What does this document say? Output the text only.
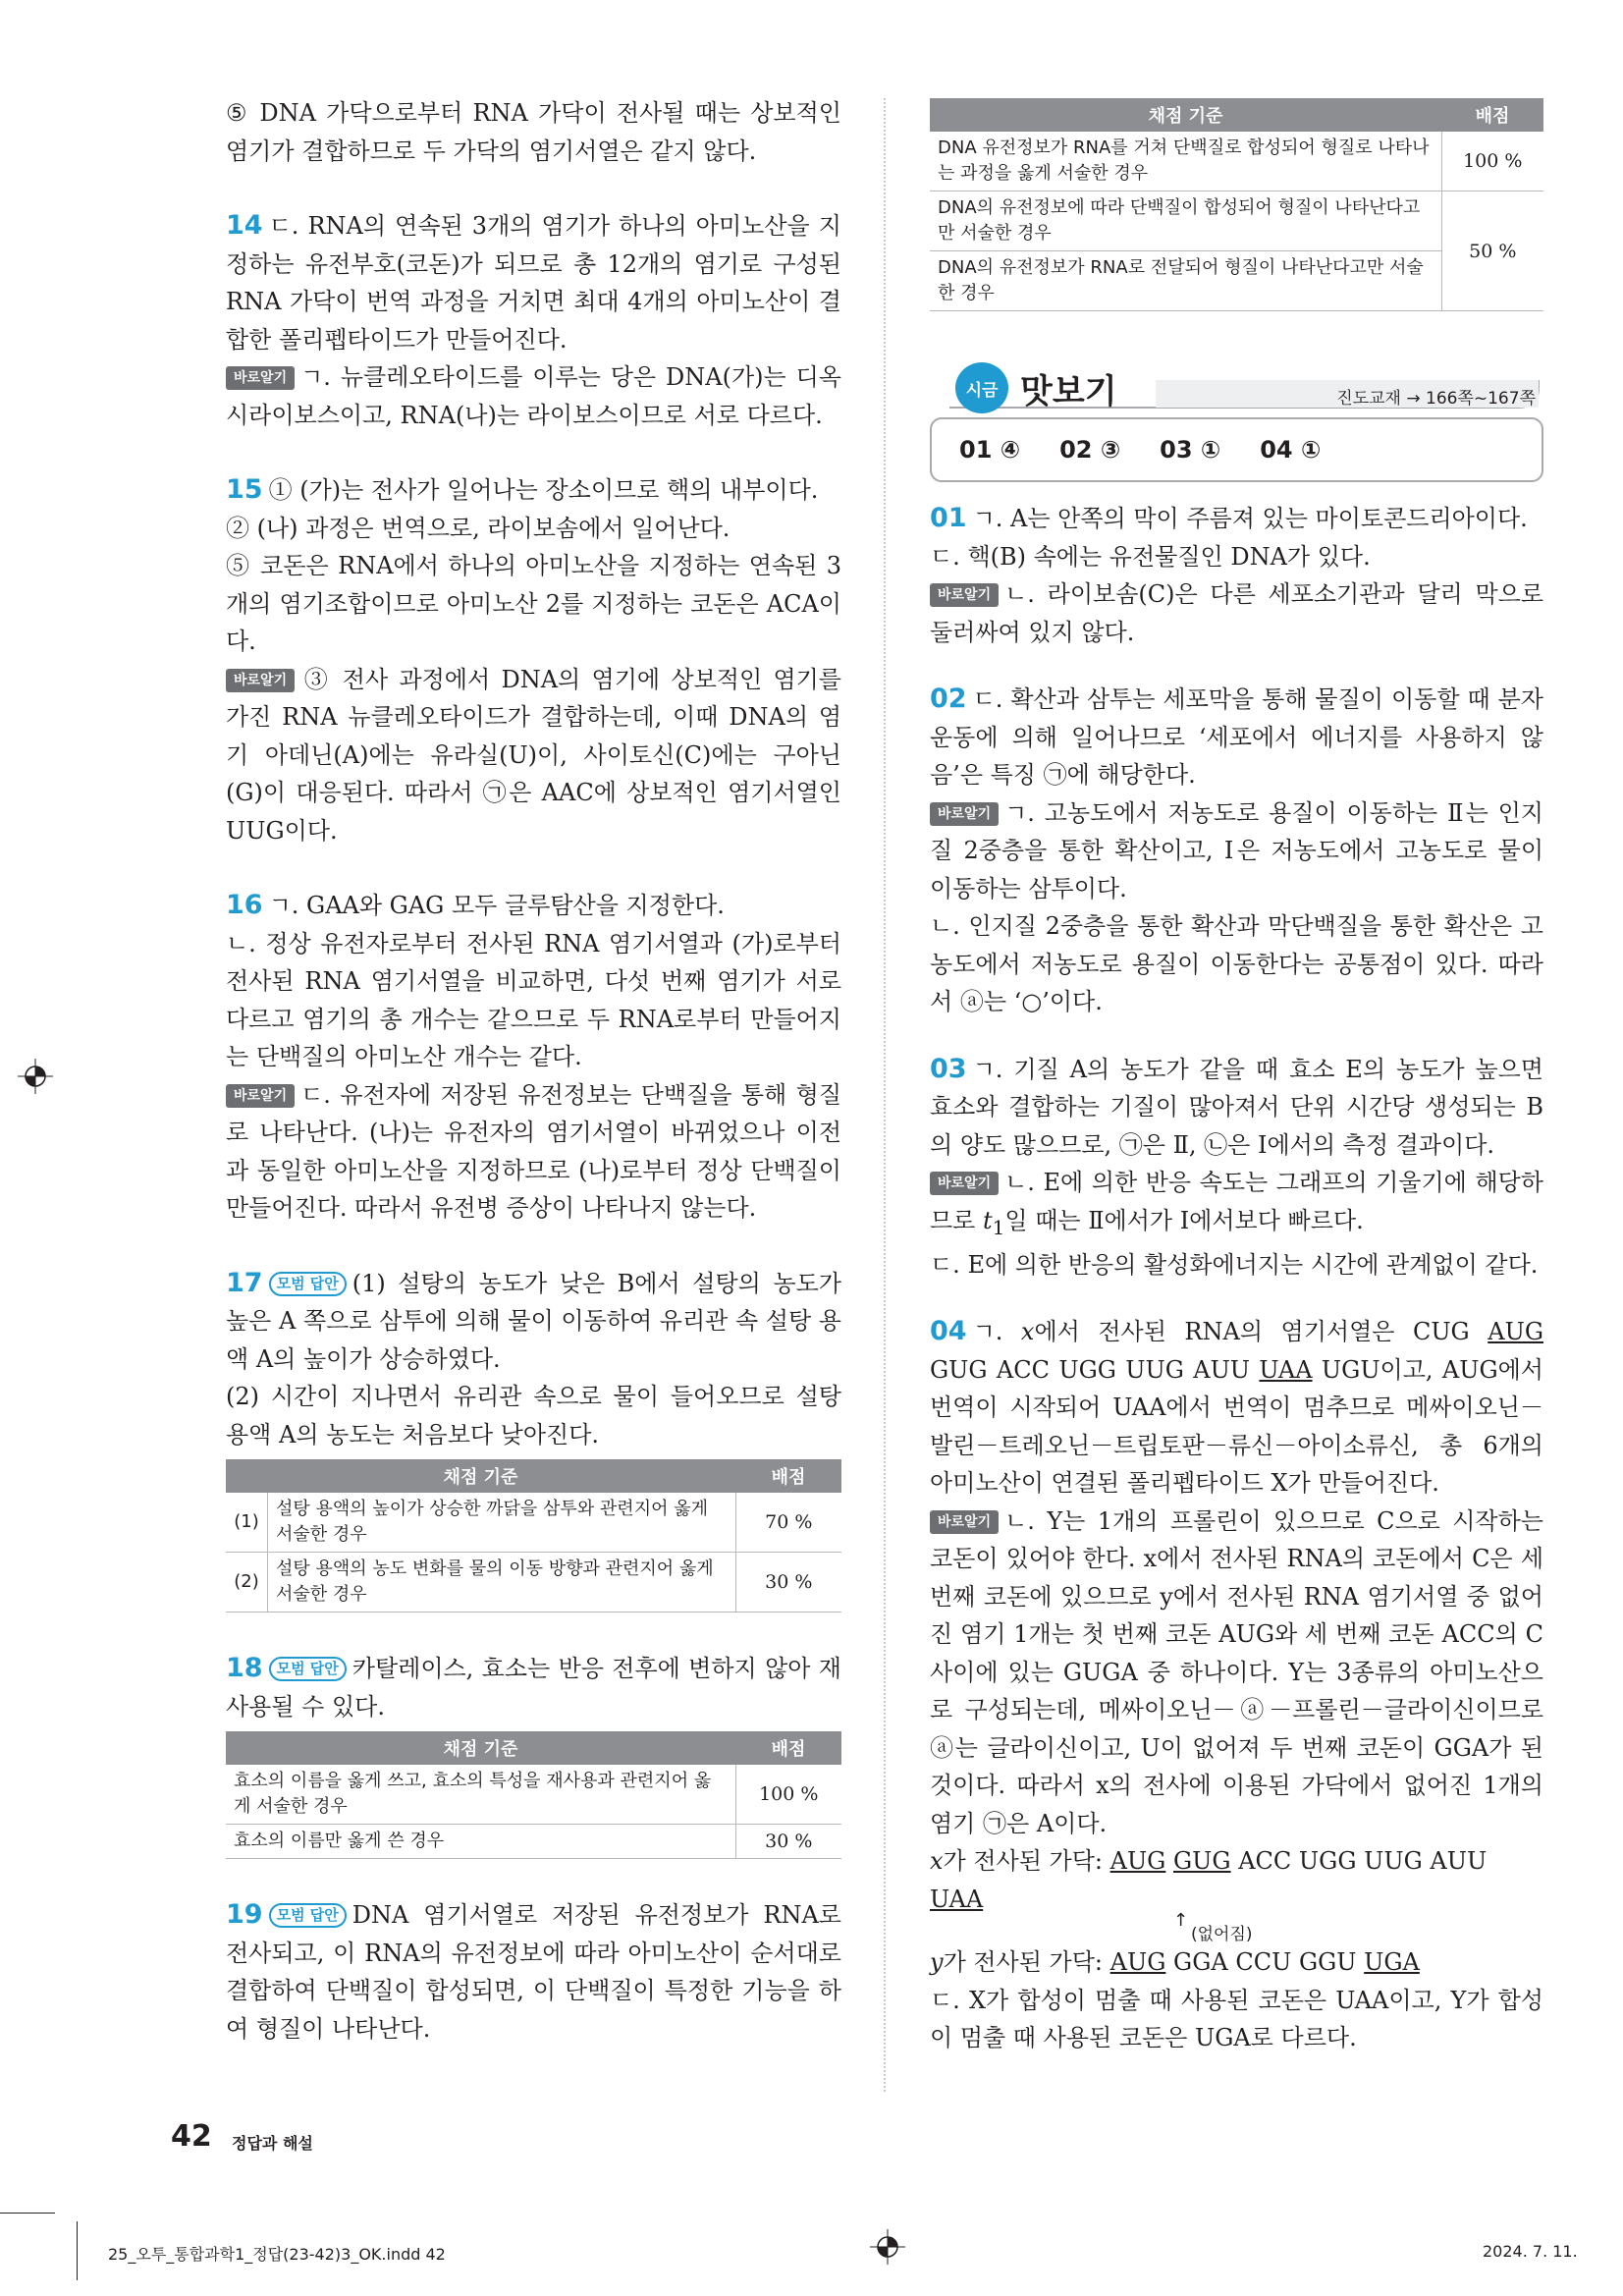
⑤ DNA 가닥으로부터 RNA 가닥이 전사될 때는 상보적인 염기가 결합하므로 두 가닥의 염기서열은 같지 않다.

14 ㄷ. RNA의 연속된 3개의 염기가 하나의 아미노산을 지정하는 유전부호(코돈)가 되므로 총 12개의 염기로 구성된 RNA 가닥이 번역 과정을 거치면 최대 4개의 아미노산이 결합한 폴리펩타이드가 만들어진다.

바로알기 ㄱ. 뉴클레오타이드를 이루는 당은 DNA(가)는 디옥시라이보스이고, RNA(나)는 라이보스이므로 서로 다르다.

15 ① (가)는 전사가 일어나는 장소이므로 핵의 내부이다.

② (나) 과정은 번역으로, 라이보솜에서 일어난다.

⑤ 코돈은 RNA에서 하나의 아미노산을 지정하는 연속된 3개의 염기조합이므로 아미노산 2를 지정하는 코돈은 ACA이다.

바로알기 ③ 전사 과정에서 DNA의 염기에 상보적인 염기를 가진 RNA 뉴클레오타이드가 결합하는데, 이때 DNA의 염기 아데닌(A)에는 유라실(U)이, 사이토신(C)에는 구아닌(G)이 대응된다. 따라서 ㉠은 AAC에 상보적인 염기서열인 UUG이다.

16 ㄱ. GAA와 GAG 모두 글루탐산을 지정한다.

ㄴ. 정상 유전자로부터 전사된 RNA 염기서열과 (가)로부터 전사된 RNA 염기서열을 비교하면, 다섯 번째 염기가 서로 다르고 염기의 총 개수는 같으므로 두 RNA로부터 만들어지는 단백질의 아미노산 개수는 같다.

바로알기 ㄷ. 유전자에 저장된 유전정보는 단백질을 통해 형질로 나타난다. (나)는 유전자의 염기서열이 바뀌었으나 이전과 동일한 아미노산을 지정하므로 (나)로부터 정상 단백질이 만들어진다. 따라서 유전병 증상이 나타나지 않는다.

17 모범 답안 (1) 설탕의 농도가 낮은 B에서 설탕의 농도가 높은 A 쪽으로 삼투에 의해 물이 이동하여 유리관 속 설탕 용액 A의 높이가 상승하였다.

(2) 시간이 지나면서 유리관 속으로 물이 들어오므로 설탕 용액 A의 농도는 처음보다 낮아진다.

채점 기준		배점
(1)	설탕 용액의 높이가 상승한 까닭을 삼투와 관련지어 옳게 서술한 경우	70 %
(2)	설탕 용액의 농도 변화를 물의 이동 방향과 관련지어 옳게 서술한 경우	30 %

18 모범 답안 카탈레이스, 효소는 반응 전후에 변하지 않아 재사용될 수 있다.

채점 기준	배점
효소의 이름을 옳게 쓰고, 효소의 특성을 재사용과 관련지어 옳게 서술한 경우	100 %
효소의 이름만 옳게 쓴 경우	30 %

19 모범 답안 DNA 염기서열로 저장된 유전정보가 RNA로 전사되고, 이 RNA의 유전정보에 따라 아미노산이 순서대로 결합하여 단백질이 합성되면, 이 단백질이 특정한 기능을 하여 형질이 나타난다.

채점 기준	배점
DNA 유전정보가 RNA를 거쳐 단백질로 합성되어 형질로 나타나는 과정을 옳게 서술한 경우	100 %
DNA의 유전정보에 따라 단백질이 합성되어 형질이 나타난다고만 서술한 경우	50 %
DNA의 유전정보가 RNA로 전달되어 형질이 나타난다고만 서술한 경우	
시금 맛보기	진도교재 → 166쪽~167쪽
01 ④ 02 ③ 03 ① 04 ①

01 ㄱ. A는 안쪽의 막이 주름져 있는 마이토콘드리아이다.

ㄷ. 핵(B) 속에는 유전물질인 DNA가 있다.

바로알기 ㄴ. 라이보솜(C)은 다른 세포소기관과 달리 막으로 둘러싸여 있지 않다.

02 ㄷ. 확산과 삼투는 세포막을 통해 물질이 이동할 때 분자 운동에 의해 일어나므로 ‘세포에서 에너지를 사용하지 않음’은 특징 ㉠에 해당한다.

바로알기 ㄱ. 고농도에서 저농도로 용질이 이동하는 Ⅱ는 인지질 2중층을 통한 확산이고, Ⅰ은 저농도에서 고농도로 물이 이동하는 삼투이다.

ㄴ. 인지질 2중층을 통한 확산과 막단백질을 통한 확산은 고농도에서 저농도로 용질이 이동한다는 공통점이 있다. 따라서 ⓐ는 ‘○’이다.

03 ㄱ. 기질 A의 농도가 같을 때 효소 E의 농도가 높으면 효소와 결합하는 기질이 많아져서 단위 시간당 생성되는 B의 양도 많으므로, ㉠은 Ⅱ, ㉡은 Ⅰ에서의 측정 결과이다.

바로알기 ㄴ. E에 의한 반응 속도는 그래프의 기울기에 해당하므로 $t_1$일 때는 Ⅱ에서가 Ⅰ에서보다 빠르다.

ㄷ. E에 의한 반응의 활성화에너지는 시간에 관계없이 같다.

04 ㄱ. x에서 전사된 RNA의 염기서열은 CUG AUG GUG ACC UGG UUG AUU UAA UGU이고, AUG에서 번역이 시작되어 UAA에서 번역이 멈추므로 메싸이오닌－발린－트레오닌－트립토판－류신－아이소류신, 총 6개의 아미노산이 연결된 폴리펩타이드 X가 만들어진다.

바로알기 ㄴ. Y는 1개의 프롤린이 있으므로 C으로 시작하는 코돈이 있어야 한다. x에서 전사된 RNA의 코돈에서 C은 세 번째 코돈에 있으므로 y에서 전사된 RNA 염기서열 중 없어진 염기 1개는 첫 번째 코돈 AUG와 세 번째 코돈 ACC의 C 사이에 있는 GUGA 중 하나이다. Y는 3종류의 아미노산으로 구성되는데, 메싸이오닌－ⓐ－프롤린－글라이신이므로 ⓐ는 글라이신이고, U이 없어져 두 번째 코돈이 GGA가 된 것이다. 따라서 x의 전사에 이용된 가닥에서 없어진 1개의 염기 ㉠은 A이다.

x가 전사된 가닥: AUG GUG ACC UGG UUG AUU UAA

↑
(없어짐)

y가 전사된 가닥: AUG GGA CCU GGU UGA

ㄷ. X가 합성이 멈출 때 사용된 코돈은 UAA이고, Y가 합성이 멈출 때 사용된 코돈은 UGA로 다르다.

42 정답과 해설
25_오투_통합과학1_정답(23-42)3_OK.indd 42	2024. 7. 11.
